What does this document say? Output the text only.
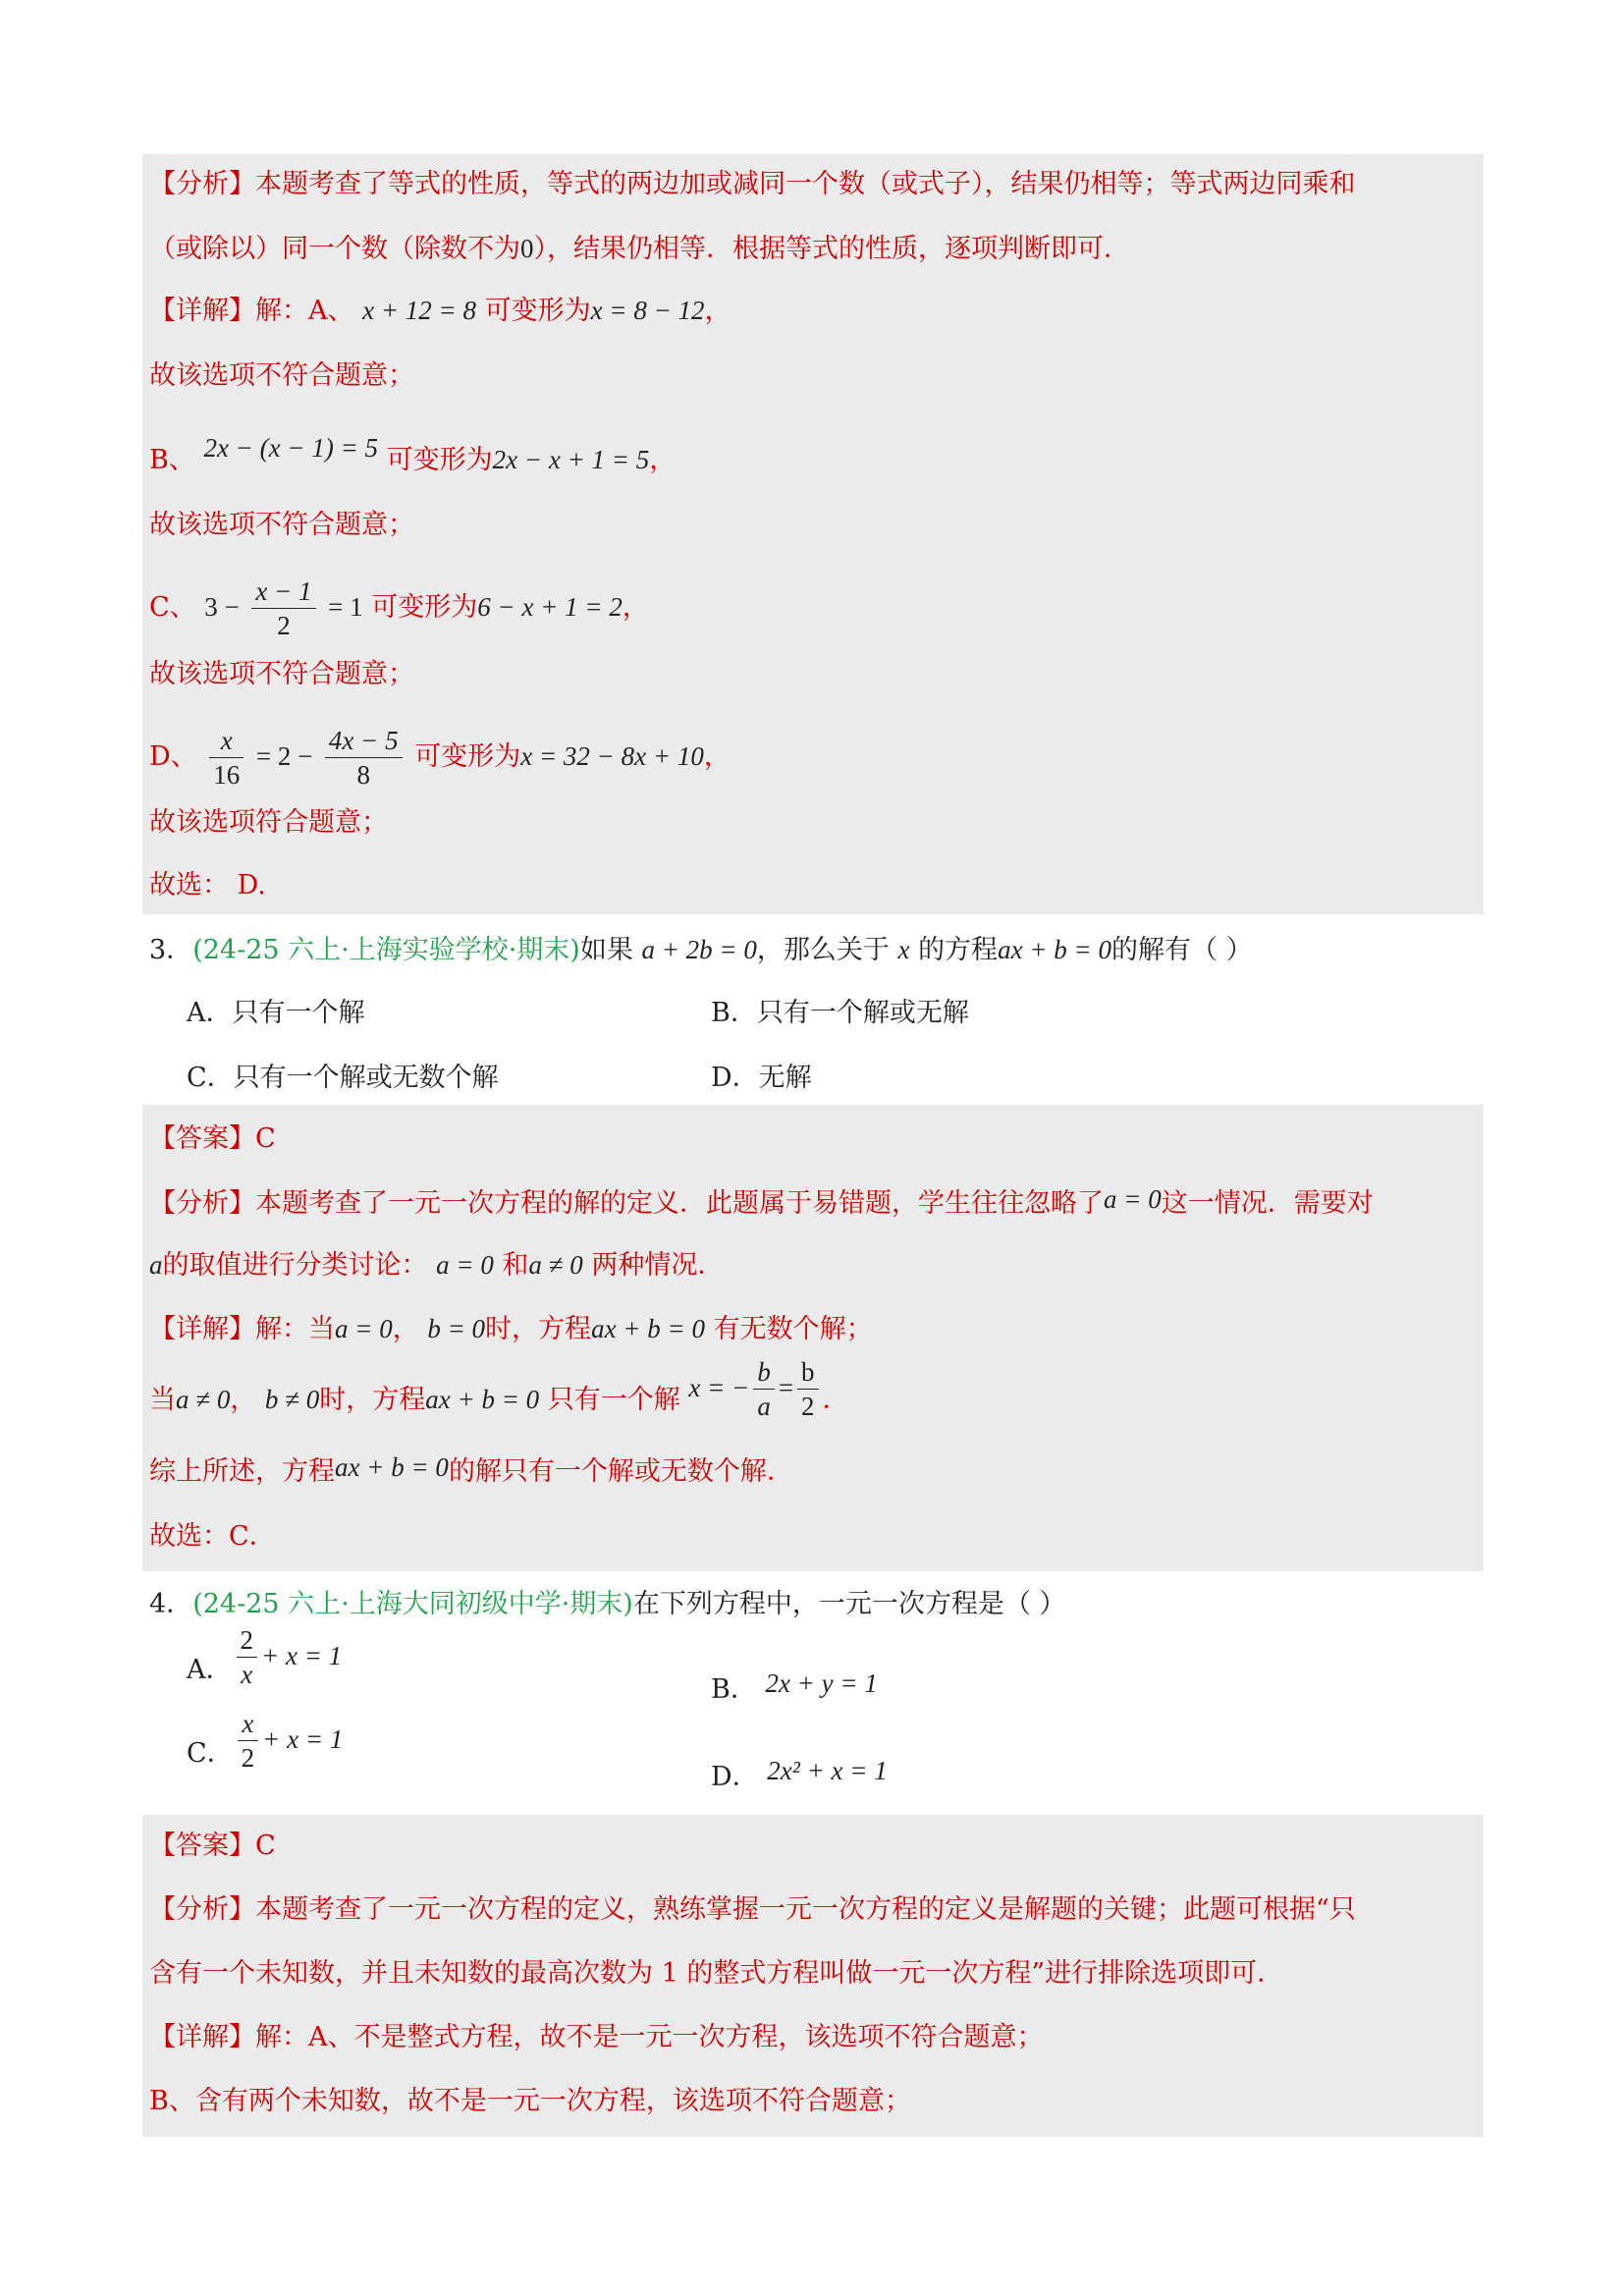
【分析】本题考查了等式的性质，等式的两边加或减同一个数（或式子），结果仍相等；等式两边同乘和
（或除以）同一个数（除数不为0），结果仍相等．根据等式的性质，逐项判断即可．
【详解】解：A、 x + 12 = 8 可变形为x = 8 − 12，
故该选项不符合题意；
B、 2x − (x − 1) = 5 可变形为2x − x + 1 = 5，
故该选项不符合题意；
C、 $3 - \frac{x - 1}{2} = 1$ 可变形为6 − x + 1 = 2，
故该选项不符合题意；
D、 $\frac{x}{16} = 2 - \frac{4x - 5}{8}$ 可变形为x = 32 − 8x + 10，
故该选项符合题意；
故选： D.
3．(24-25 六上·上海实验学校·期末)如果 a + 2b = 0，那么关于 x 的方程ax + b = 0的解有（ ）
A．只有一个解	B．只有一个解或无解
C．只有一个解或无数个解	D．无解
【答案】C
【分析】本题考查了一元一次方程的解的定义．此题属于易错题，学生往往忽略了a = 0这一情况．需要对
a的取值进行分类讨论： a = 0 和a ≠ 0 两种情况．
【详解】解：当a = 0， b = 0时，方程ax + b = 0 有无数个解；
当a ≠ 0， b ≠ 0时，方程ax + b = 0 只有一个解 x = − $\frac{b}{a} = \frac{b}{2}$ ．
综上所述，方程ax + b = 0的解只有一个解或无数个解．
故选：C．
4．(24-25 六上·上海大同初级中学·期末)在下列方程中，一元一次方程是（ ）
A． $\frac{2}{x} + x = 1$
B． 2x + y = 1
C． $\frac{x}{2} + x = 1$
D． 2x² + x = 1
【答案】C
【分析】本题考查了一元一次方程的定义，熟练掌握一元一次方程的定义是解题的关键；此题可根据“只
含有一个未知数，并且未知数的最高次数为 1 的整式方程叫做一元一次方程”进行排除选项即可．
【详解】解：A、不是整式方程，故不是一元一次方程，该选项不符合题意；
B、含有两个未知数，故不是一元一次方程，该选项不符合题意；
